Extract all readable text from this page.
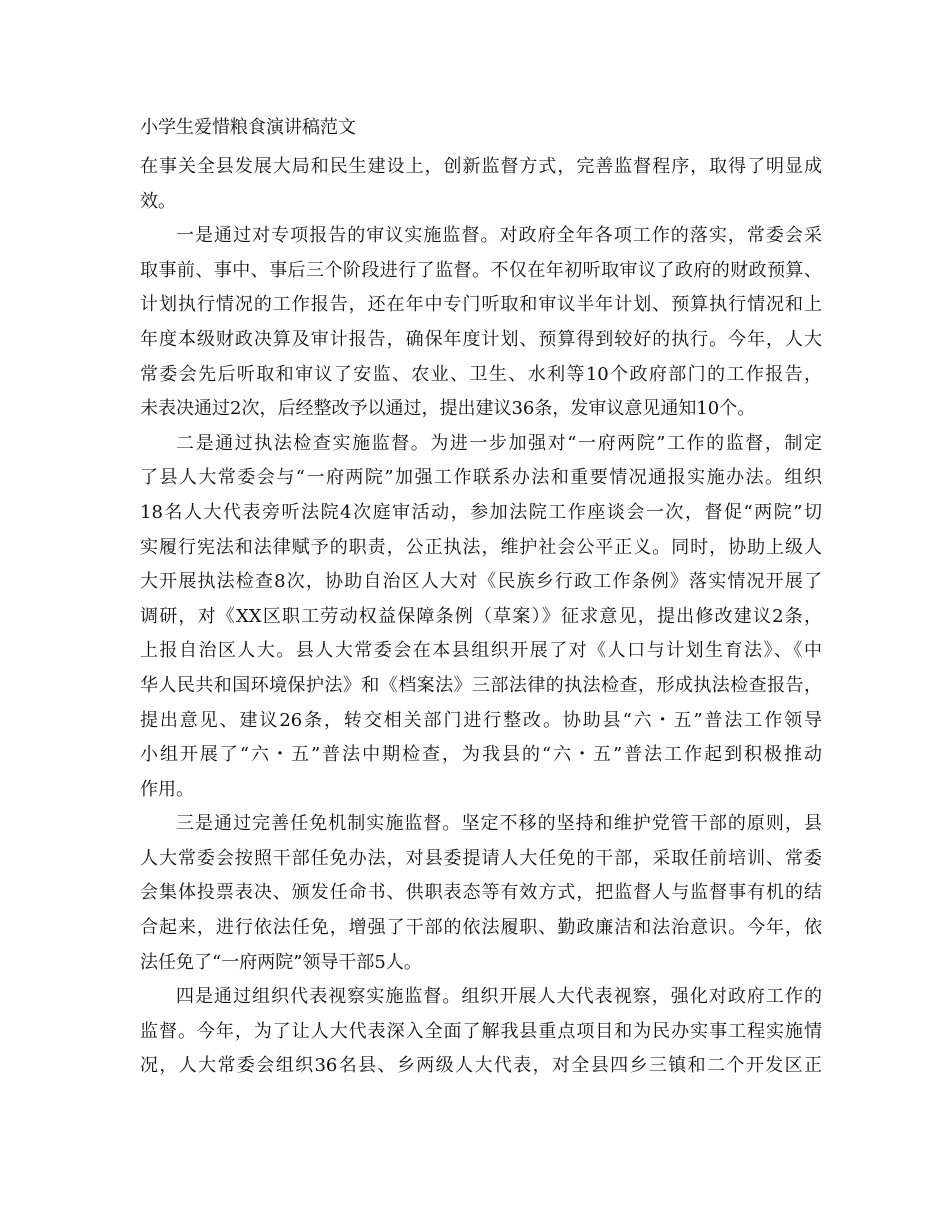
小学生爱惜粮食演讲稿范文
在事关全县发展大局和民生建设上，创新监督方式，完善监督程序，取得了明显成
效。
一是通过对专项报告的审议实施监督。对政府全年各项工作的落实，常委会采
取事前、事中、事后三个阶段进行了监督。不仅在年初听取审议了政府的财政预算、
计划执行情况的工作报告，还在年中专门听取和审议半年计划、预算执行情况和上
年度本级财政决算及审计报告，确保年度计划、预算得到较好的执行。今年，人大
常委会先后听取和审议了安监、农业、卫生、水利等10个政府部门的工作报告，
未表决通过2次，后经整改予以通过，提出建议36条，发审议意见通知10个。
二是通过执法检查实施监督。为进一步加强对“一府两院”工作的监督，制定
了县人大常委会与“一府两院”加强工作联系办法和重要情况通报实施办法。组织
18名人大代表旁听法院4次庭审活动，参加法院工作座谈会一次，督促“两院”切
实履行宪法和法律赋予的职责，公正执法，维护社会公平正义。同时，协助上级人
大开展执法检查8次，协助自治区人大对《民族乡行政工作条例》落实情况开展了
调研，对《XX区职工劳动权益保障条例（草案）》征求意见，提出修改建议2条，
上报自治区人大。县人大常委会在本县组织开展了对《人口与计划生育法》、《中
华人民共和国环境保护法》和《档案法》三部法律的执法检查，形成执法检查报告，
提出意见、建议26条，转交相关部门进行整改。协助县“六・五”普法工作领导
小组开展了“六・五”普法中期检查，为我县的“六・五”普法工作起到积极推动
作用。
三是通过完善任免机制实施监督。坚定不移的坚持和维护党管干部的原则，县
人大常委会按照干部任免办法，对县委提请人大任免的干部，采取任前培训、常委
会集体投票表决、颁发任命书、供职表态等有效方式，把监督人与监督事有机的结
合起来，进行依法任免，增强了干部的依法履职、勤政廉洁和法治意识。今年，依
法任免了“一府两院”领导干部5人。
四是通过组织代表视察实施监督。组织开展人大代表视察，强化对政府工作的
监督。今年，为了让人大代表深入全面了解我县重点项目和为民办实事工程实施情
况，人大常委会组织36名县、乡两级人大代表，对全县四乡三镇和二个开发区正
